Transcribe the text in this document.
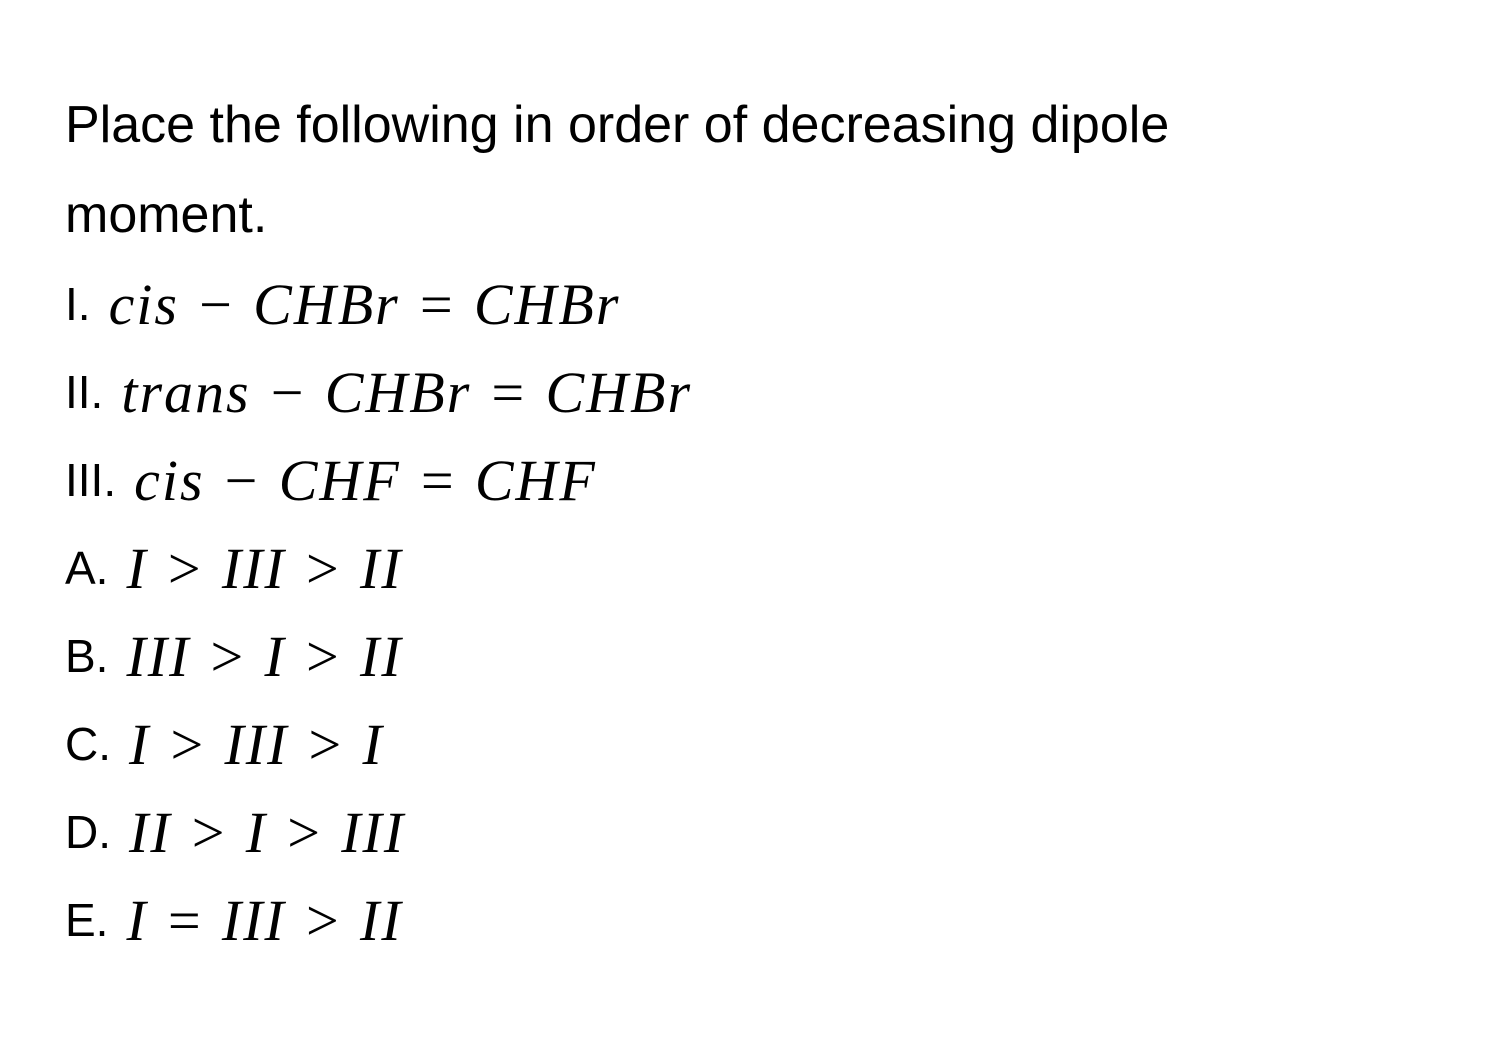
Place the following in order of decreasing dipole moment.

I. cis − CHBr = CHBr
II. trans − CHBr = CHBr
III. cis − CHF = CHF
A. I > III > II
B. III > I > II
C. I > III > I
D. II > I > III
E. I = III > II
